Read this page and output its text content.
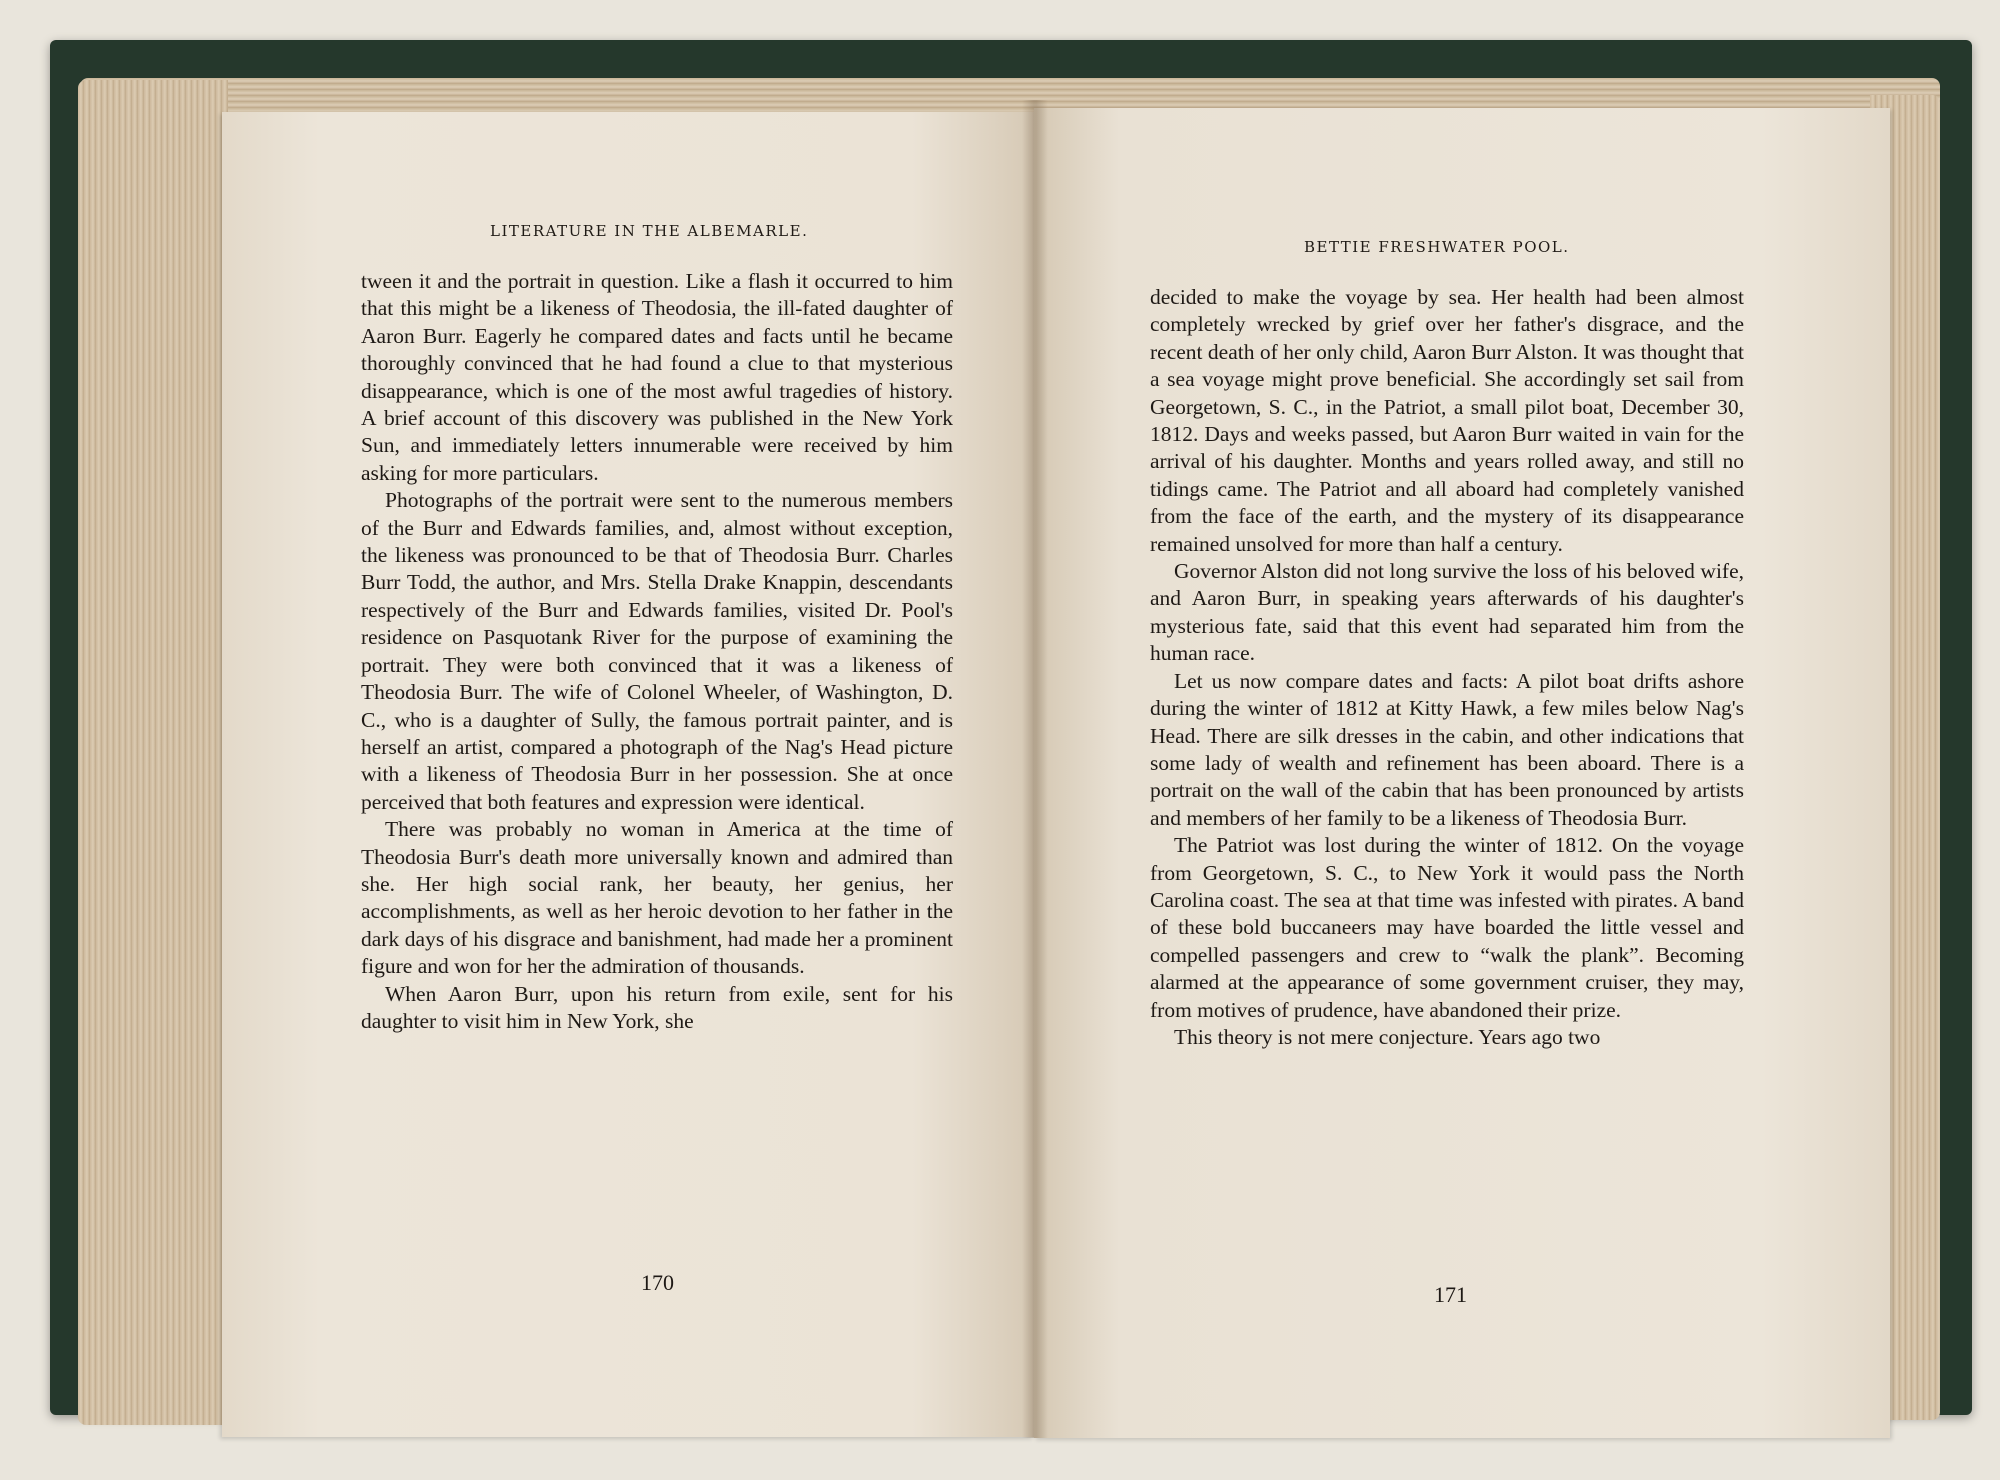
LITERATURE IN THE ALBEMARLE.

tween it and the portrait in question. Like a flash it occurred to him that this might be a likeness of Theodosia, the ill-fated daughter of Aaron Burr. Eagerly he compared dates and facts until he became thoroughly convinced that he had found a clue to that mysterious disappearance, which is one of the most awful tragedies of history. A brief account of this discovery was published in the New York Sun, and immediately letters innumerable were received by him asking for more particulars.

Photographs of the portrait were sent to the numerous members of the Burr and Edwards families, and, almost without exception, the likeness was pronounced to be that of Theodosia Burr. Charles Burr Todd, the author, and Mrs. Stella Drake Knappin, descendants respectively of the Burr and Edwards families, visited Dr. Pool's residence on Pasquotank River for the purpose of examining the portrait. They were both convinced that it was a likeness of Theodosia Burr. The wife of Colonel Wheeler, of Washington, D. C., who is a daughter of Sully, the famous portrait painter, and is herself an artist, compared a photograph of the Nag's Head picture with a likeness of Theodosia Burr in her possession. She at once perceived that both features and expression were identical.

There was probably no woman in America at the time of Theodosia Burr's death more universally known and admired than she. Her high social rank, her beauty, her genius, her accomplishments, as well as her heroic devotion to her father in the dark days of his disgrace and banishment, had made her a prominent figure and won for her the admiration of thousands.

When Aaron Burr, upon his return from exile, sent for his daughter to visit him in New York, she

170
BETTIE FRESHWATER POOL.

decided to make the voyage by sea. Her health had been almost completely wrecked by grief over her father's disgrace, and the recent death of her only child, Aaron Burr Alston. It was thought that a sea voyage might prove beneficial. She accordingly set sail from Georgetown, S. C., in the Patriot, a small pilot boat, December 30, 1812. Days and weeks passed, but Aaron Burr waited in vain for the arrival of his daughter. Months and years rolled away, and still no tidings came. The Patriot and all aboard had completely vanished from the face of the earth, and the mystery of its disappearance remained unsolved for more than half a century.

Governor Alston did not long survive the loss of his beloved wife, and Aaron Burr, in speaking years afterwards of his daughter's mysterious fate, said that this event had separated him from the human race.

Let us now compare dates and facts: A pilot boat drifts ashore during the winter of 1812 at Kitty Hawk, a few miles below Nag's Head. There are silk dresses in the cabin, and other indications that some lady of wealth and refinement has been aboard. There is a portrait on the wall of the cabin that has been pronounced by artists and members of her family to be a likeness of Theodosia Burr.

The Patriot was lost during the winter of 1812. On the voyage from Georgetown, S. C., to New York it would pass the North Carolina coast. The sea at that time was infested with pirates. A band of these bold buccaneers may have boarded the little vessel and compelled passengers and crew to “walk the plank”. Becoming alarmed at the appearance of some government cruiser, they may, from motives of prudence, have abandoned their prize.

This theory is not mere conjecture. Years ago two

171
